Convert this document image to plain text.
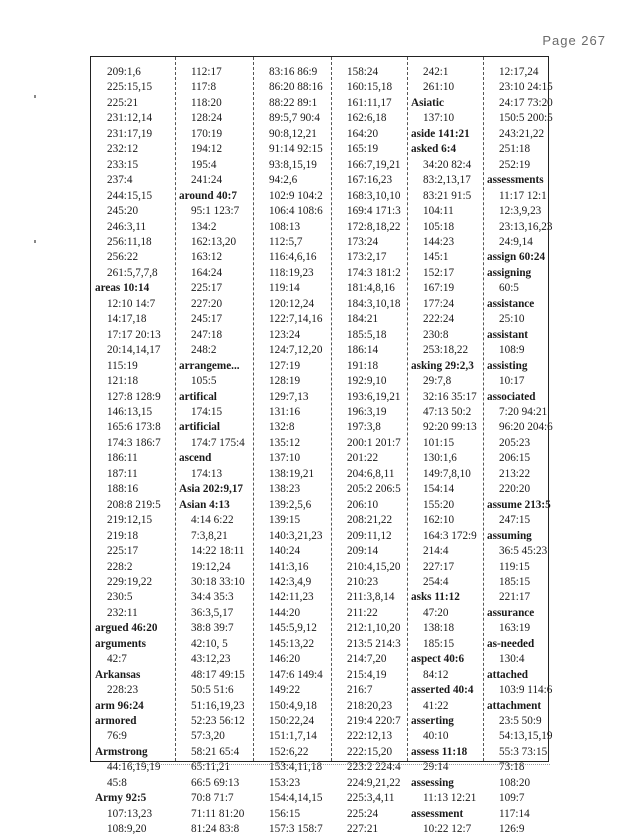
Page 267
209:1,6
225:15,15
225:21
231:12,14
231:17,19
232:12
233:15
237:4
244:15,15
245:20
246:3,11
256:11,18
256:22
261:5,7,7,8
areas 10:14
12:10 14:7
14:17,18
17:17 20:13
20:14,14,17
115:19
121:18
127:8 128:9
146:13,15
165:6 173:8
174:3 186:7
186:11
187:11
188:16
208:8 219:5
219:12,15
219:18
225:17
228:2
229:19,22
230:5
232:11
argued 46:20
arguments
42:7
Arkansas
228:23
arm 96:24
armored
76:9
Armstrong
44:16,19,19
45:8
Army 92:5
107:13,23
108:9,20
112:17
117:8
118:20
128:24
170:19
194:12
195:4
241:24
around 40:7
95:1 123:7
134:2
162:13,20
163:12
164:24
225:17
227:20
245:17
247:18
248:2
arrangeme...
105:5
artifical
174:15
artificial
174:7 175:4
ascend
174:13
Asia 202:9,17
Asian 4:13
4:14 6:22
7:3,8,21
14:22 18:11
19:12,24
30:18 33:10
34:4 35:3
36:3,5,17
38:8 39:7
42:10, 5
43:12,23
48:17 49:15
50:5 51:6
51:16,19,23
52:23 56:12
57:3,20
58:21 65:4
65:11,21
66:5 69:13
70:8 71:7
71:11 81:20
81:24 83:8
83:16 86:9
86:20 88:16
88:22 89:1
89:5,7 90:4
90:8,12,21
91:14 92:15
93:8,15,19
94:2,6
102:9 104:2
106:4 108:6
108:13
112:5,7
116:4,6,16
118:19,23
119:14
120:12,24
122:7,14,16
123:24
124:7,12,20
127:19
128:19
129:7,13
131:16
132:8
135:12
137:10
138:19,21
138:23
139:2,5,6
139:15
140:3,21,23
140:24
141:3,16
142:3,4,9
142:11,23
144:20
145:5,9,12
145:13,22
146:20
147:6 149:4
149:22
150:4,9,18
150:22,24
151:1,7,14
152:6,22
153:4,11,18
153:23
154:4,14,15
156:15
157:3 158:7
158:24
160:15,18
161:11,17
162:6,18
164:20
165:19
166:7,19,21
167:16,23
168:3,10,10
169:4 171:3
172:8,18,22
173:24
173:2,17
174:3 181:2
181:4,8,16
184:3,10,18
184:21
185:5,18
186:14
191:18
192:9,10
193:6,19,21
196:3,19
197:3,8
200:1 201:7
201:22
204:6,8,11
205:2 206:5
206:10
208:21,22
209:11,12
209:14
210:4,15,20
210:23
211:3,8,14
211:22
212:1,10,20
213:5 214:3
214:7,20
215:4,19
216:7
218:20,23
219:4 220:7
222:12,13
222:15,20
223:2 224:4
224:9,21,22
225:3,4,11
225:24
227:21
242:1
261:10
Asiatic
137:10
aside 141:21
asked 6:4
34:20 82:4
83:2,13,17
83:21 91:5
104:11
105:18
144:23
145:1
152:17
167:19
177:24
222:24
230:8
253:18,22
asking 29:2,3
29:7,8
32:16 35:17
47:13 50:2
92:20 99:13
101:15
130:1,6
149:7,8,10
154:14
155:20
162:10
164:3 172:9
214:4
227:17
254:4
asks 11:12
47:20
138:18
185:15
aspect 40:6
84:12
asserted 40:4
41:22
asserting
40:10
assess 11:18
29:14
assessing
11:13 12:21
assessment
10:22 12:7
12:17,24
23:10 24:15
24:17 73:20
150:5 200:5
243:21,22
251:18
252:19
assessments
11:17 12:1
12:3,9,23
23:13,16,23
24:9,14
assign 60:24
assigning
60:5
assistance
25:10
assistant
108:9
assisting
10:17
associated
7:20 94:21
96:20 204:6
205:23
206:15
213:22
220:20
assume 213:5
247:15
assuming
36:5 45:23
119:15
185:15
221:17
assurance
163:19
as-needed
130:4
attached
103:9 114:6
attachment
23:5 50:9
54:13,15,19
55:3 73:15
73:18
108:20
109:7
117:14
126:9
